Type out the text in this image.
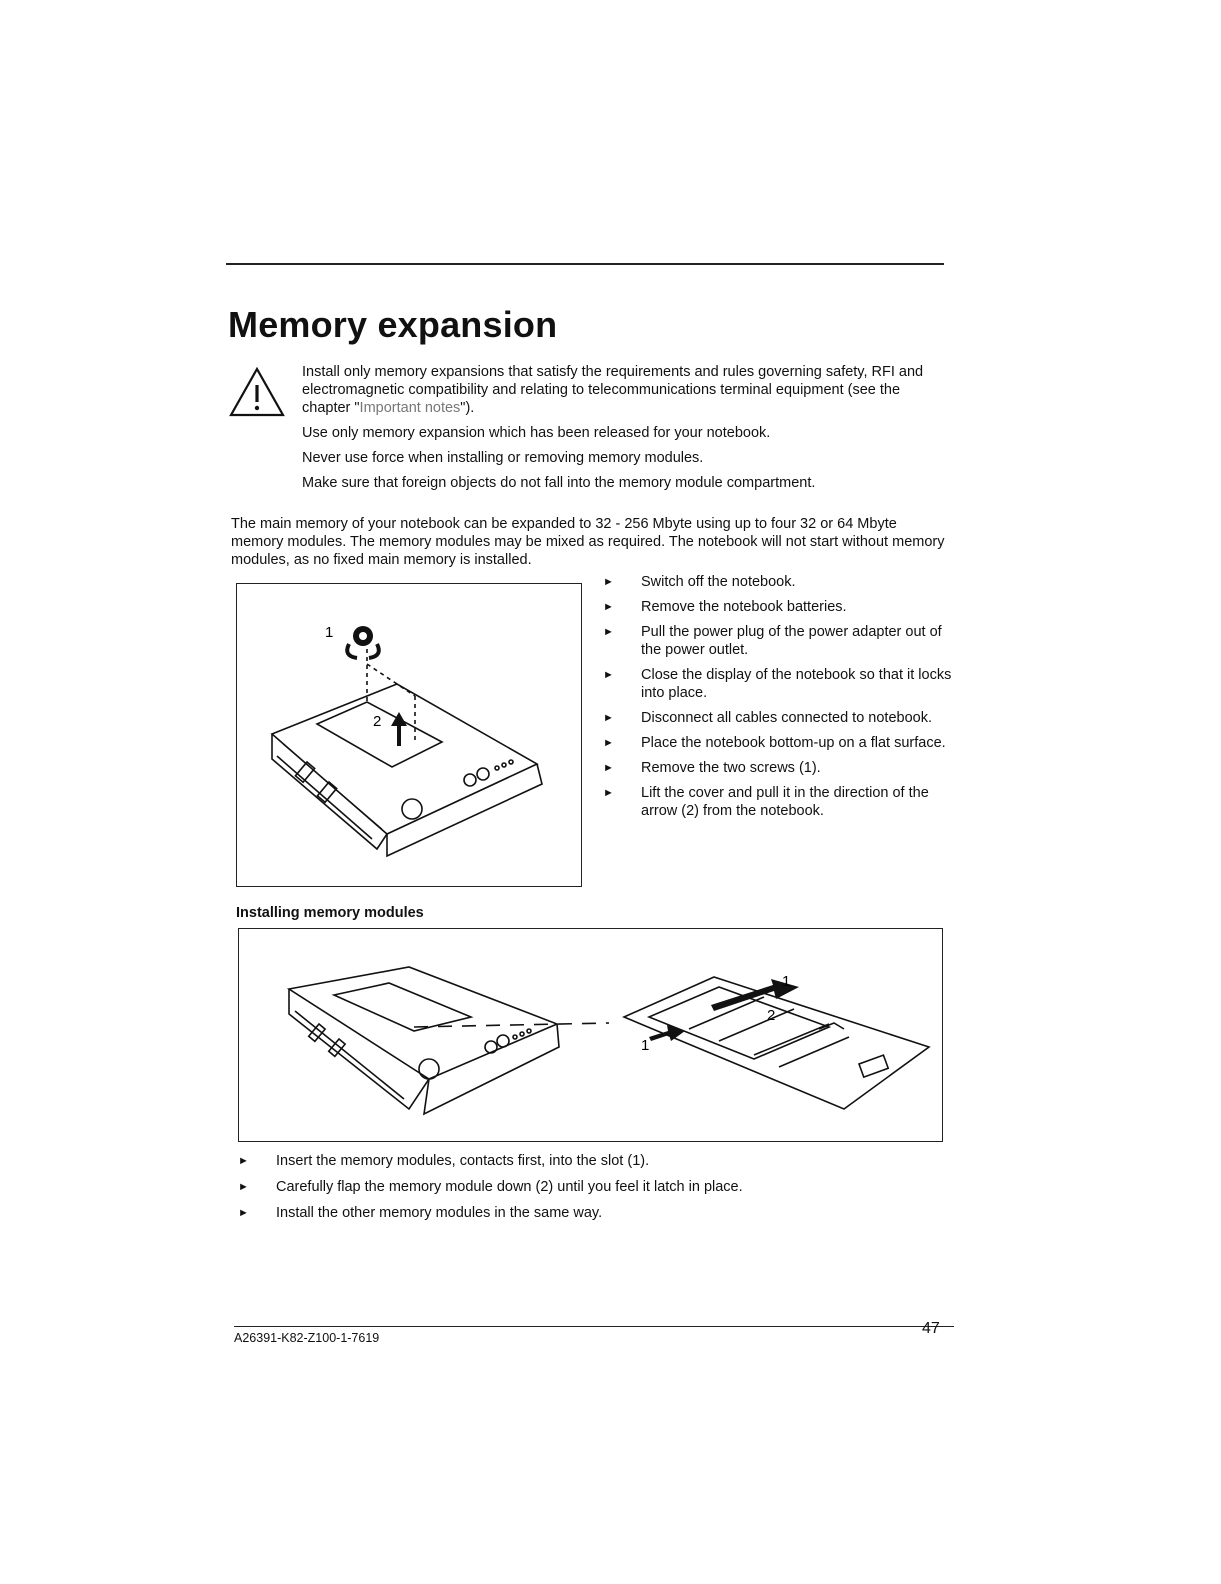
Memory expansion

Install only memory expansions that satisfy the requirements and rules governing safety, RFI and electromagnetic compatibility and relating to telecommunications terminal equipment (see the chapter "Important notes").

Use only memory expansion which has been released for your notebook.

Never use force when installing or removing memory modules.

Make sure that foreign objects do not fall into the memory module compartment.

The main memory of your notebook can be expanded to 32 - 256 Mbyte using up to four 32 or 64 Mbyte memory modules. The memory modules may be mixed as required. The notebook will not start without memory modules, as no fixed main memory is installed.

1
2
► Switch off the notebook.
► Remove the notebook batteries.
► Pull the power plug of the power adapter out of the power outlet.
► Close the display of the notebook so that it locks into place.
► Disconnect all cables connected to notebook.
► Place the notebook bottom-up on a flat surface.
► Remove the two screws (1).
► Lift the cover and pull it in the direction of the arrow (2) from the notebook.

Installing memory modules

1
2
1
► Insert the memory modules, contacts first, into the slot (1).
► Carefully flap the memory module down (2) until you feel it latch in place.
► Install the other memory modules in the same way.
A26391-K82-Z100-1-7619
47
